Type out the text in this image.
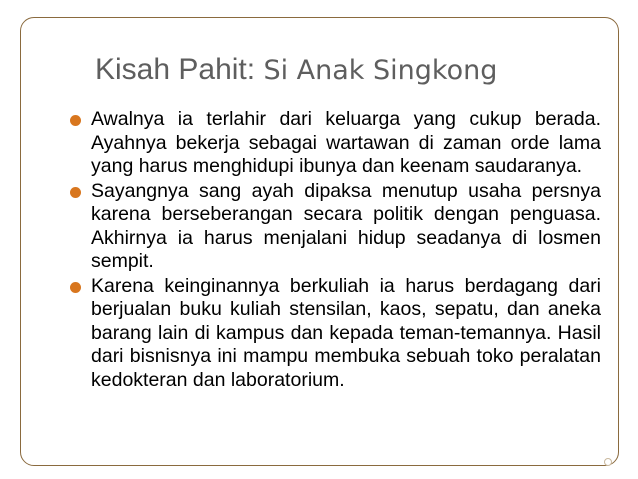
Kisah Pahit: Si Anak Singkong
Awalnya ia terlahir dari keluarga yang cukup berada. Ayahnya bekerja sebagai wartawan di zaman orde lama yang harus menghidupi ibunya dan keenam saudaranya.
Sayangnya sang ayah dipaksa menutup usaha persnya karena berseberangan secara politik dengan penguasa. Akhirnya ia harus menjalani hidup seadanya di losmen sempit.
Karena keinginannya berkuliah ia harus berdagang dari berjualan buku kuliah stensilan, kaos, sepatu, dan aneka barang lain di kampus dan kepada teman-temannya. Hasil dari bisnisnya ini mampu membuka sebuah toko peralatan kedokteran dan laboratorium.
